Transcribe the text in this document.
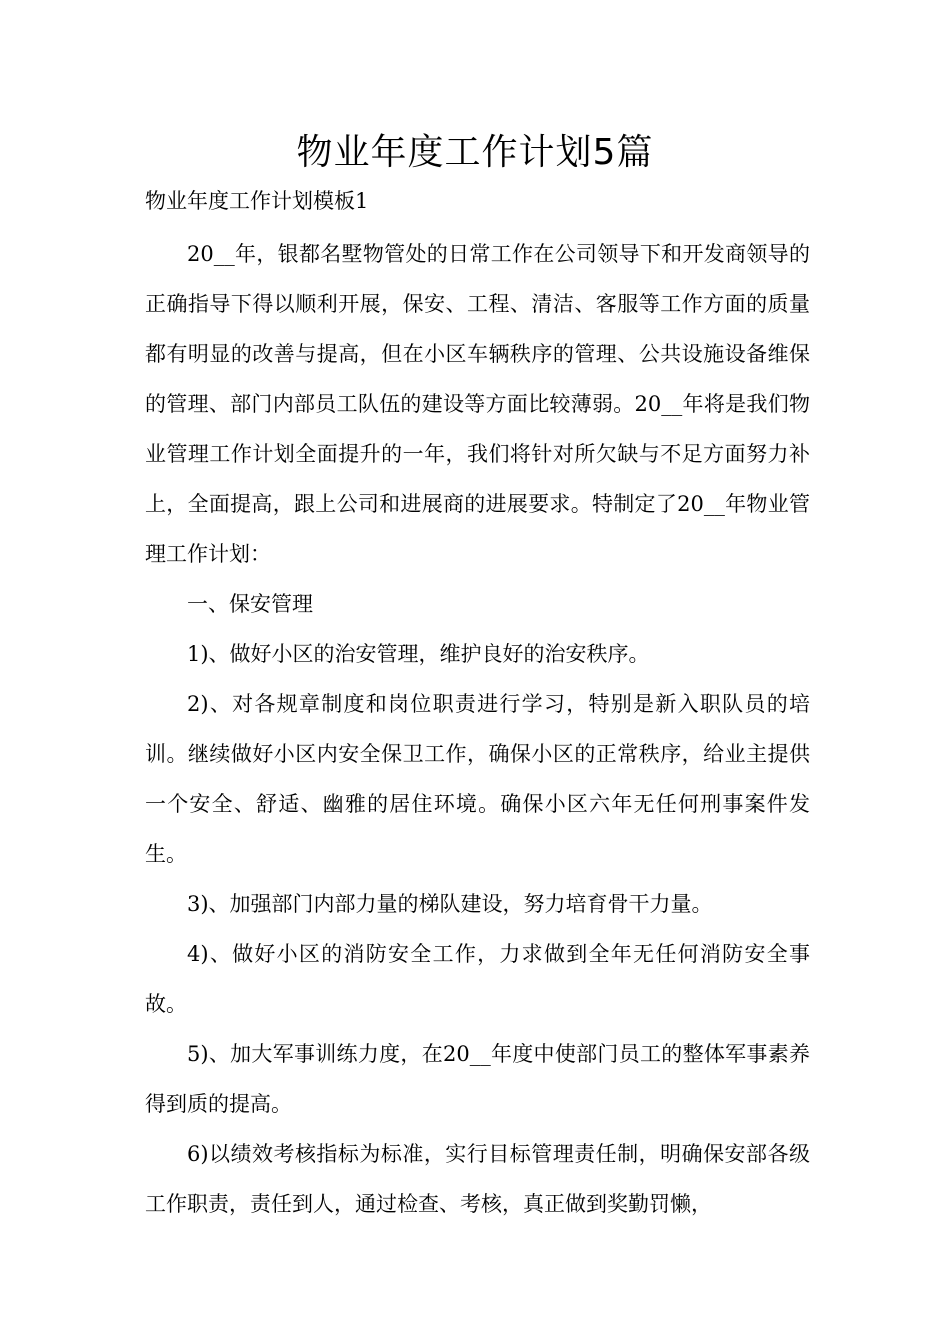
物业年度工作计划5篇
物业年度工作计划模板1

20__年，银都名墅物管处的日常工作在公司领导下和开发商领导的正确指导下得以顺利开展，保安、工程、清洁、客服等工作方面的质量都有明显的改善与提高，但在小区车辆秩序的管理、公共设施设备维保的管理、部门内部员工队伍的建设等方面比较薄弱。20__年将是我们物业管理工作计划全面提升的一年，我们将针对所欠缺与不足方面努力补上，全面提高，跟上公司和进展商的进展要求。特制定了20__年物业管理工作计划：

一、保安管理

1)、做好小区的治安管理，维护良好的治安秩序。

2)、对各规章制度和岗位职责进行学习，特别是新入职队员的培训。继续做好小区内安全保卫工作，确保小区的正常秩序，给业主提供一个安全、舒适、幽雅的居住环境。确保小区六年无任何刑事案件发生。

3)、加强部门内部力量的梯队建设，努力培育骨干力量。

4)、做好小区的消防安全工作，力求做到全年无任何消防安全事故。

5)、加大军事训练力度，在20__年度中使部门员工的整体军事素养得到质的提高。

6)以绩效考核指标为标准，实行目标管理责任制，明确保安部各级工作职责，责任到人，通过检查、考核，真正做到奖勤罚懒，
